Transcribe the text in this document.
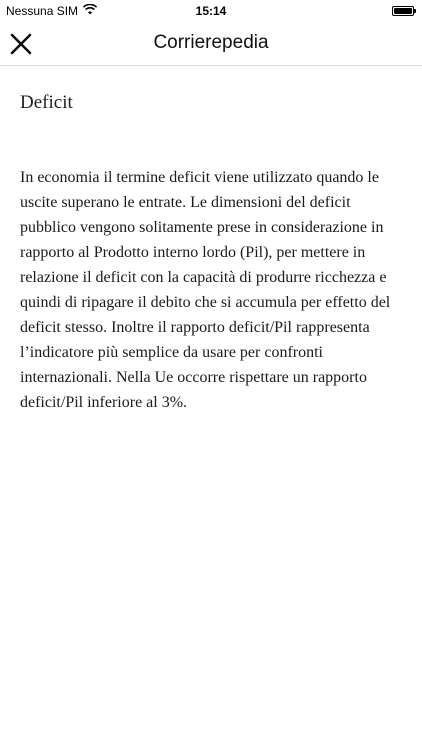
Nessuna SIM	15:14
Corrierepedia
Deficit

In economia il termine deficit viene utilizzato quando le uscite superano le entrate. Le dimensioni del deficit pubblico vengono solitamente prese in considerazione in rapporto al Prodotto interno lordo (Pil), per mettere in relazione il deficit con la capacità di produrre ricchezza e quindi di ripagare il debito che si accumula per effetto del deficit stesso. Inoltre il rapporto deficit/Pil rappresenta l’indicatore più semplice da usare per confronti internazionali. Nella Ue occorre rispettare un rapporto deficit/Pil inferiore al 3%.
